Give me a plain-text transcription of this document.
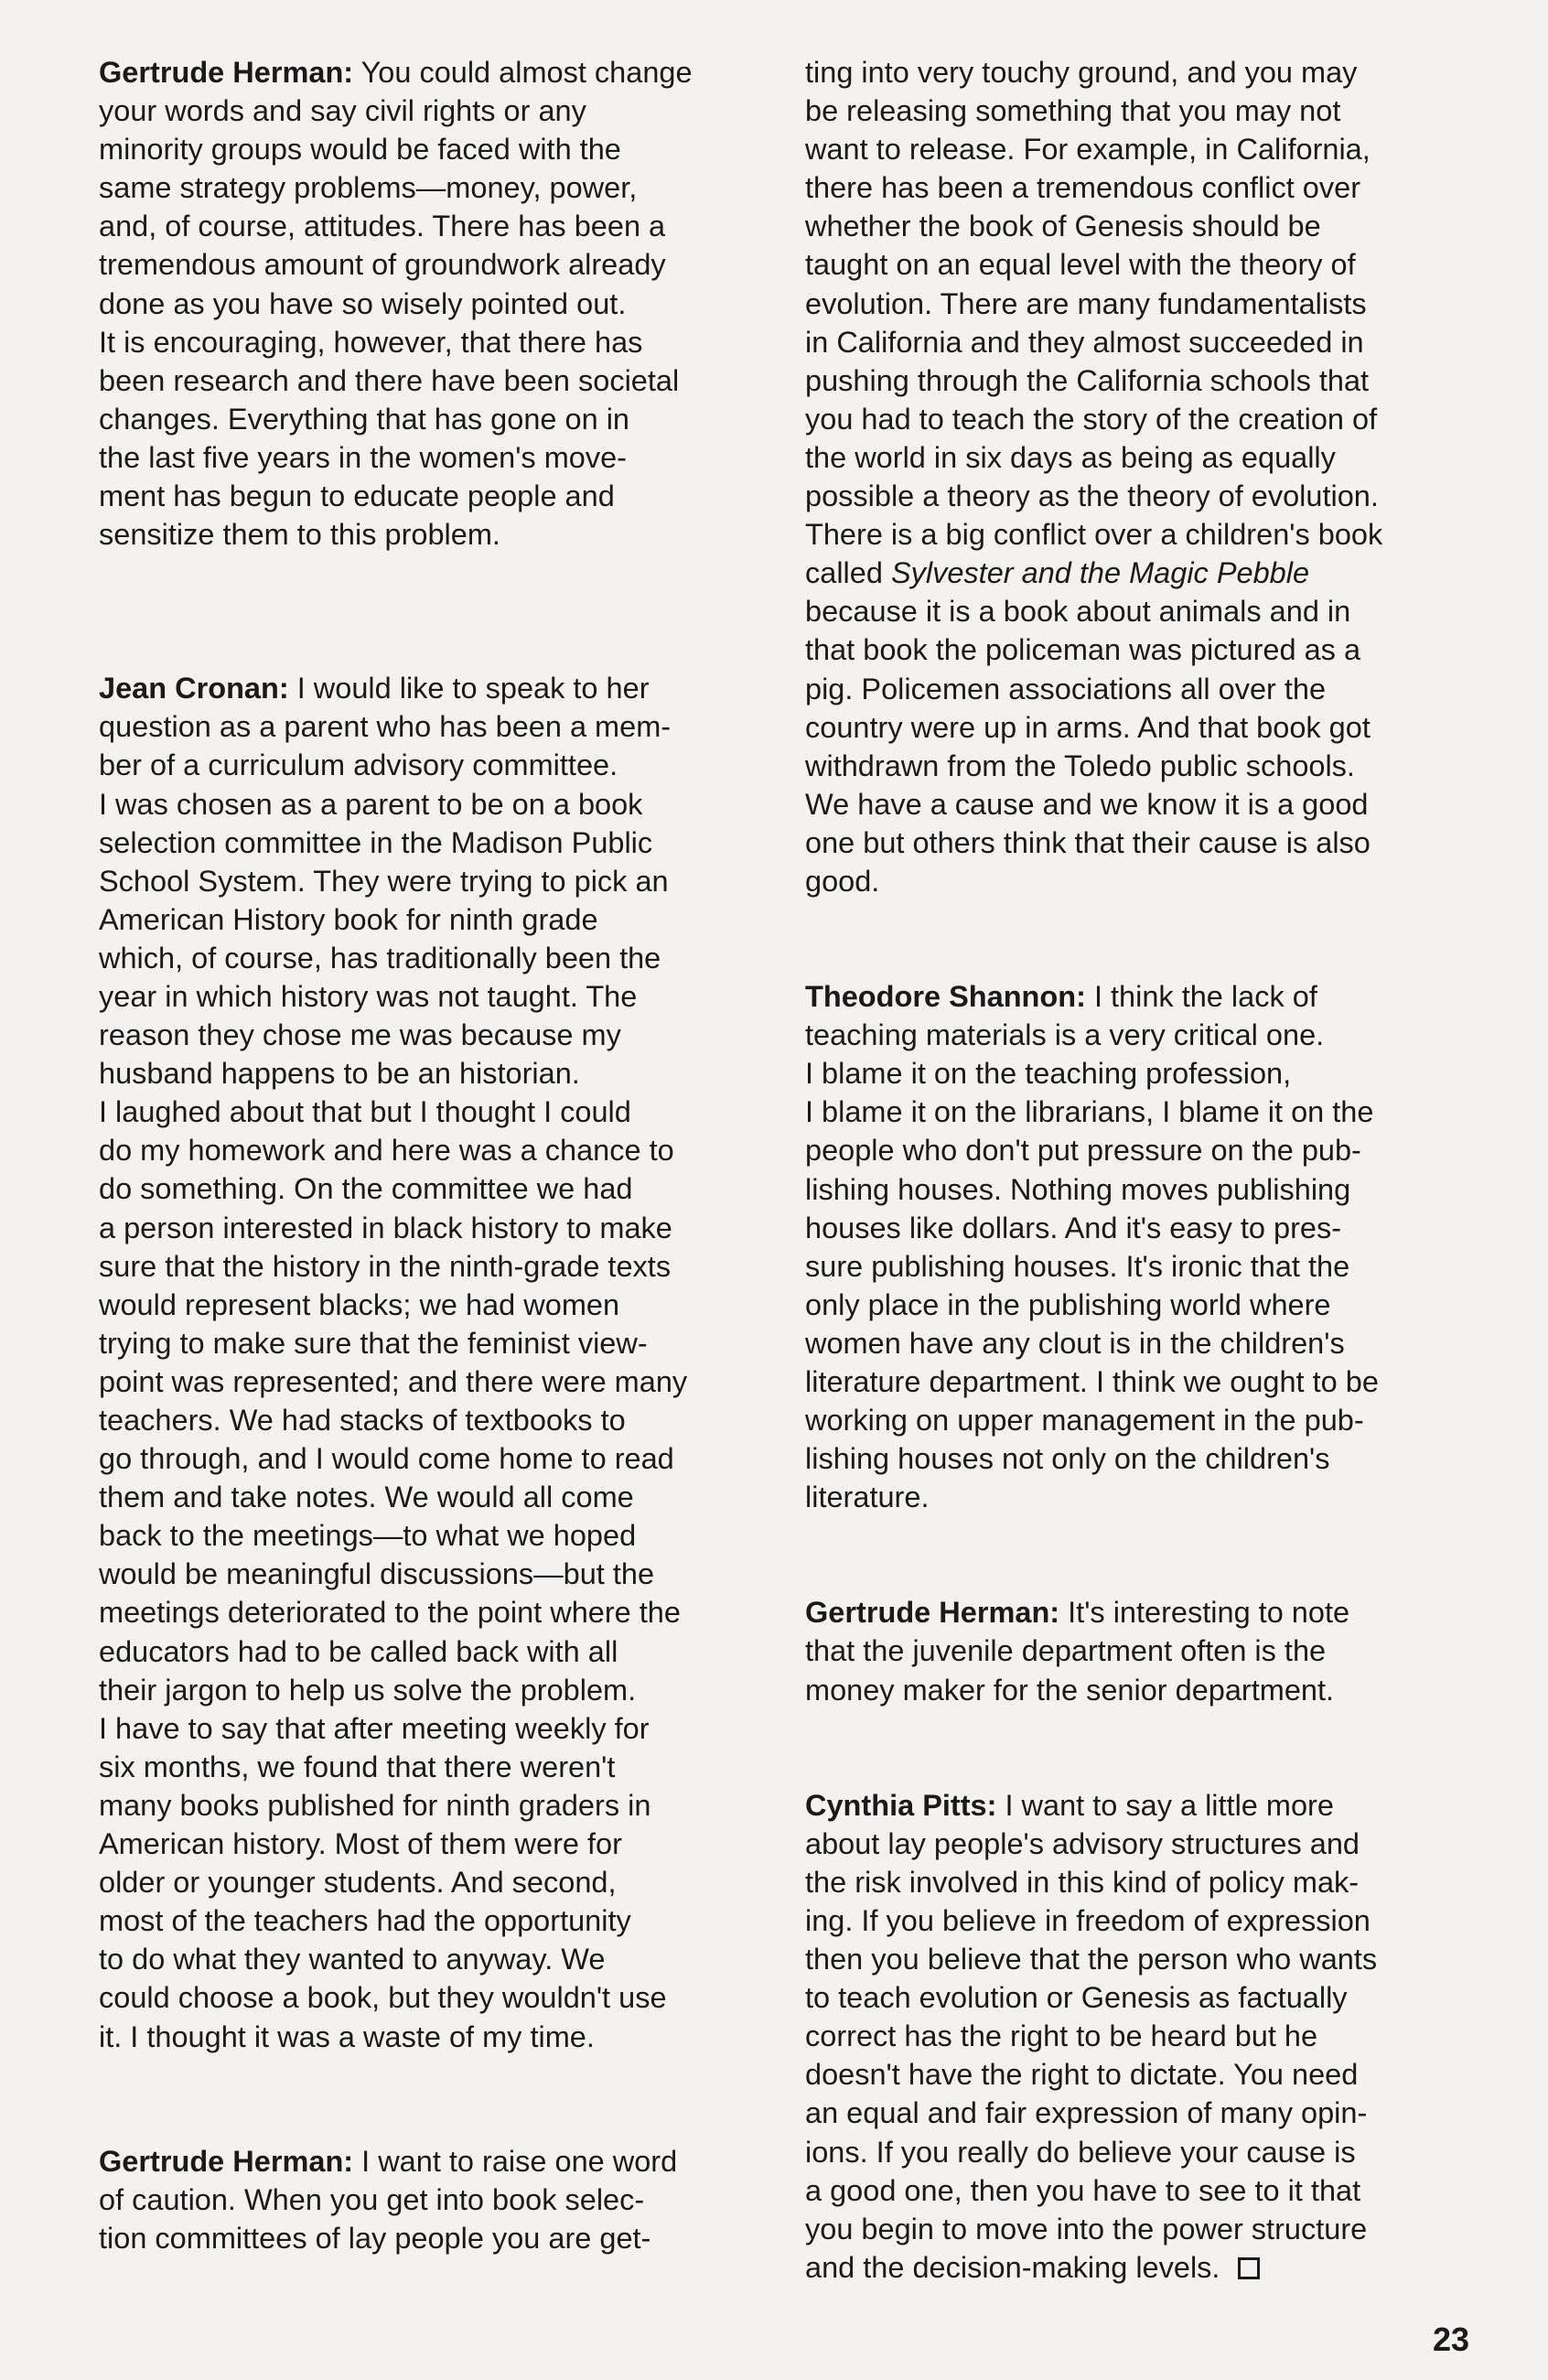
Gertrude Herman: You could almost change
your words and say civil rights or any
minority groups would be faced with the
same strategy problems—money, power,
and, of course, attitudes. There has been a
tremendous amount of groundwork already
done as you have so wisely pointed out.
It is encouraging, however, that there has
been research and there have been societal
changes. Everything that has gone on in
the last five years in the women's move-
ment has begun to educate people and
sensitize them to this problem.

Jean Cronan: I would like to speak to her
question as a parent who has been a mem-
ber of a curriculum advisory committee.
I was chosen as a parent to be on a book
selection committee in the Madison Public
School System. They were trying to pick an
American History book for ninth grade
which, of course, has traditionally been the
year in which history was not taught. The
reason they chose me was because my
husband happens to be an historian.
I laughed about that but I thought I could
do my homework and here was a chance to
do something. On the committee we had
a person interested in black history to make
sure that the history in the ninth-grade texts
would represent blacks; we had women
trying to make sure that the feminist view-
point was represented; and there were many
teachers. We had stacks of textbooks to
go through, and I would come home to read
them and take notes. We would all come
back to the meetings—to what we hoped
would be meaningful discussions—but the
meetings deteriorated to the point where the
educators had to be called back with all
their jargon to help us solve the problem.
I have to say that after meeting weekly for
six months, we found that there weren't
many books published for ninth graders in
American history. Most of them were for
older or younger students. And second,
most of the teachers had the opportunity
to do what they wanted to anyway. We
could choose a book, but they wouldn't use
it. I thought it was a waste of my time.

Gertrude Herman: I want to raise one word
of caution. When you get into book selec-
tion committees of lay people you are get-

ting into very touchy ground, and you may
be releasing something that you may not
want to release. For example, in California,
there has been a tremendous conflict over
whether the book of Genesis should be
taught on an equal level with the theory of
evolution. There are many fundamentalists
in California and they almost succeeded in
pushing through the California schools that
you had to teach the story of the creation of
the world in six days as being as equally
possible a theory as the theory of evolution.
There is a big conflict over a children's book
called Sylvester and the Magic Pebble
because it is a book about animals and in
that book the policeman was pictured as a
pig. Policemen associations all over the
country were up in arms. And that book got
withdrawn from the Toledo public schools.
We have a cause and we know it is a good
one but others think that their cause is also
good.

Theodore Shannon: I think the lack of
teaching materials is a very critical one.
I blame it on the teaching profession,
I blame it on the librarians, I blame it on the
people who don't put pressure on the pub-
lishing houses. Nothing moves publishing
houses like dollars. And it's easy to pres-
sure publishing houses. It's ironic that the
only place in the publishing world where
women have any clout is in the children's
literature department. I think we ought to be
working on upper management in the pub-
lishing houses not only on the children's
literature.

Gertrude Herman: It's interesting to note
that the juvenile department often is the
money maker for the senior department.

Cynthia Pitts: I want to say a little more
about lay people's advisory structures and
the risk involved in this kind of policy mak-
ing. If you believe in freedom of expression
then you believe that the person who wants
to teach evolution or Genesis as factually
correct has the right to be heard but he
doesn't have the right to dictate. You need
an equal and fair expression of many opin-
ions. If you really do believe your cause is
a good one, then you have to see to it that
you begin to move into the power structure
and the decision-making levels.

23
